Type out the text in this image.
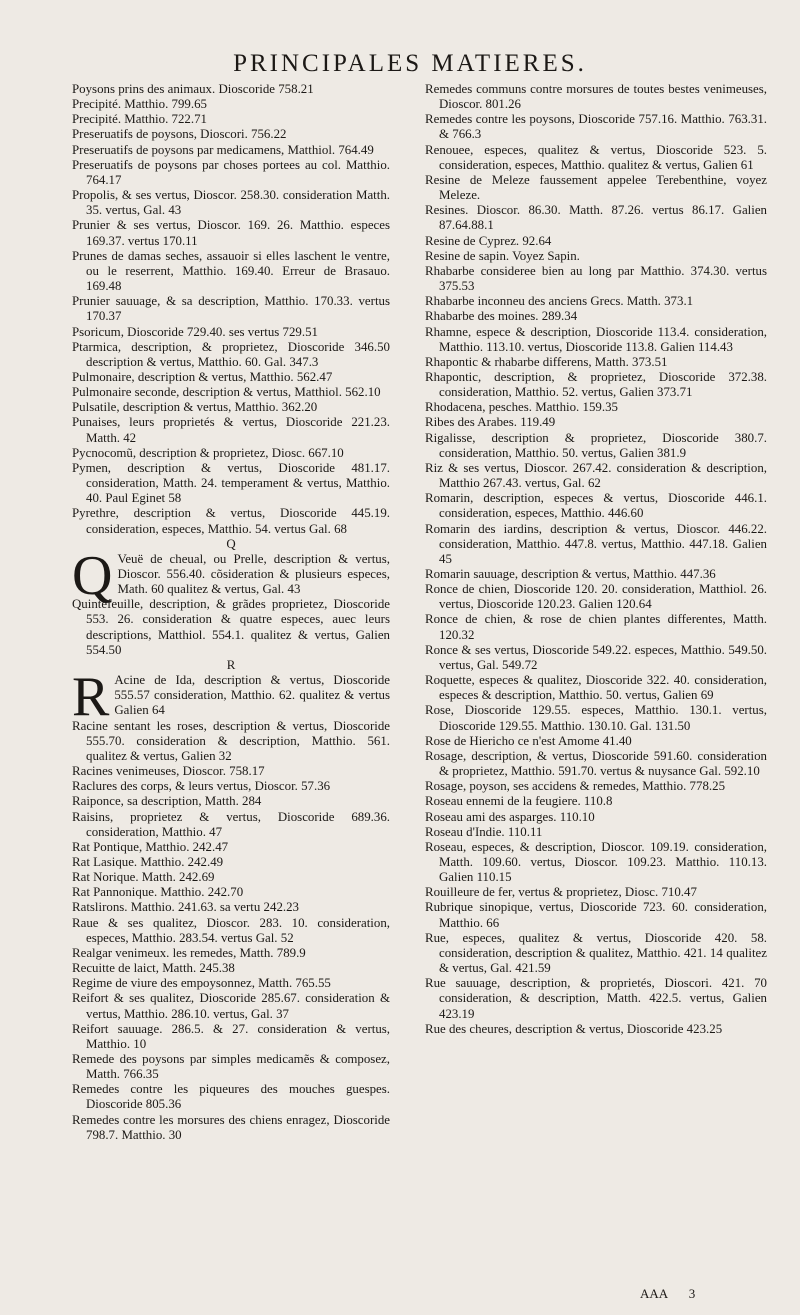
PRINCIPALES MATIERES.

Poysons prins des animaux. Dioscoride 758.21

Precipité. Matthio. 799.65

Precipité. Matthio. 722.71

Preseruatifs de poysons, Dioscori. 756.22

Preseruatifs de poysons par medicamens, Matthiol. 764.49

Preseruatifs de poysons par choses portees au col. Matthio. 764.17

Propolis, & ses vertus, Dioscor. 258.30. consideration Matth. 35. vertus, Gal. 43

Prunier & ses vertus, Dioscor. 169. 26. Matthio. especes 169.37. vertus 170.11

Prunes de damas seches, assauoir si elles laschent le ventre, ou le reserrent, Matthio. 169.40. Erreur de Brasauo. 169.48

Prunier sauuage, & sa description, Matthio. 170.33. vertus 170.37

Psoricum, Dioscoride 729.40. ses vertus 729.51

Ptarmica, description, & proprietez, Dioscoride 346.50 description & vertus, Matthio. 60. Gal. 347.3

Pulmonaire, description & vertus, Matthio. 562.47

Pulmonaire seconde, description & vertus, Matthiol. 562.10

Pulsatile, description & vertus, Matthio. 362.20

Punaises, leurs proprietés & vertus, Dioscoride 221.23. Matth. 42

Pycnocomũ, description & proprietez, Diosc. 667.10

Pymen, description & vertus, Dioscoride 481.17. consideration, Matth. 24. temperament & vertus, Matthio. 40. Paul Eginet 58

Pyrethre, description & vertus, Dioscoride 445.19. consideration, especes, Matthio. 54. vertus Gal. 68

Q

Q Veuë de cheual, ou Prelle, description & vertus, Dioscor. 556.40. cõsideration & plusieurs especes, Math. 60 qualitez & vertus, Gal. 43

Quintefeuille, description, & grãdes proprietez, Dioscoride 553. 26. consideration & quatre especes, auec leurs descriptions, Matthiol. 554.1. qualitez & vertus, Galien 554.50

R

R Acine de Ida, description & vertus, Dioscoride 555.57 consideration, Matthio. 62. qualitez & vertus Galien 64

Racine sentant les roses, description & vertus, Dioscoride 555.70. consideration & description, Matthio. 561. qualitez & vertus, Galien 32

Racines venimeuses, Dioscor. 758.17

Raclures des corps, & leurs vertus, Dioscor. 57.36

Raiponce, sa description, Matth. 284

Raisins, proprietez & vertus, Dioscoride 689.36. consideration, Matthio. 47

Rat Pontique, Matthio. 242.47

Rat Lasique. Matthio. 242.49

Rat Norique. Matth. 242.69

Rat Pannonique. Matthio. 242.70

Ratslirons. Matthio. 241.63. sa vertu 242.23

Raue & ses qualitez, Dioscor. 283. 10. consideration, especes, Matthio. 283.54. vertus Gal. 52

Realgar venimeux. les remedes, Matth. 789.9

Recuitte de laict, Matth. 245.38

Regime de viure des empoysonnez, Matth. 765.55

Reifort & ses qualitez, Dioscoride 285.67. consideration & vertus, Matthio. 286.10. vertus, Gal. 37

Reifort sauuage. 286.5. & 27. consideration & vertus, Matthio. 10

Remede des poysons par simples medicamẽs & composez, Matth. 766.35

Remedes contre les piqueures des mouches guespes. Dioscoride 805.36

Remedes contre les morsures des chiens enragez, Dioscoride 798.7. Matthio. 30

Remedes communs contre morsures de toutes bestes venimeuses, Dioscor. 801.26

Remedes contre les poysons, Dioscoride 757.16. Matthio. 763.31. & 766.3

Renouee, especes, qualitez & vertus, Dioscoride 523. 5. consideration, especes, Matthio. qualitez & vertus, Galien 61

Resine de Meleze faussement appelee Terebenthine, voyez Meleze.

Resines. Dioscor. 86.30. Matth. 87.26. vertus 86.17. Galien 87.64.88.1

Resine de Cyprez. 92.64

Resine de sapin. Voyez Sapin.

Rhabarbe consideree bien au long par Matthio. 374.30. vertus 375.53

Rhabarbe inconneu des anciens Grecs. Matth. 373.1

Rhabarbe des moines. 289.34

Rhamne, espece & description, Dioscoride 113.4. consideration, Matthio. 113.10. vertus, Dioscoride 113.8. Galien 114.43

Rhapontic & rhabarbe differens, Matth. 373.51

Rhapontic, description, & proprietez, Dioscoride 372.38. consideration, Matthio. 52. vertus, Galien 373.71

Rhodacena, pesches. Matthio. 159.35

Ribes des Arabes. 119.49

Rigalisse, description & proprietez, Dioscoride 380.7. consideration, Matthio. 50. vertus, Galien 381.9

Riz & ses vertus, Dioscor. 267.42. consideration & description, Matthio 267.43. vertus, Gal. 62

Romarin, description, especes & vertus, Dioscoride 446.1. consideration, especes, Matthio. 446.60

Romarin des iardins, description & vertus, Dioscor. 446.22. consideration, Matthio. 447.8. vertus, Matthio. 447.18. Galien 45

Romarin sauuage, description & vertus, Matthio. 447.36

Ronce de chien, Dioscoride 120. 20. consideration, Matthiol. 26. vertus, Dioscoride 120.23. Galien 120.64

Ronce de chien, & rose de chien plantes differentes, Matth. 120.32

Ronce & ses vertus, Dioscoride 549.22. especes, Matthio. 549.50. vertus, Gal. 549.72

Roquette, especes & qualitez, Dioscoride 322. 40. consideration, especes & description, Matthio. 50. vertus, Galien 69

Rose, Dioscoride 129.55. especes, Matthio. 130.1. vertus, Dioscoride 129.55. Matthio. 130.10. Gal. 131.50

Rose de Hiericho ce n'est Amome 41.40

Rosage, description, & vertus, Dioscoride 591.60. consideration & proprietez, Matthio. 591.70. vertus & nuysance Gal. 592.10

Rosage, poyson, ses accidens & remedes, Matthio. 778.25

Roseau ennemi de la feugiere. 110.8

Roseau ami des asparges. 110.10

Roseau d'Indie. 110.11

Roseau, especes, & description, Dioscor. 109.19. consideration, Matth. 109.60. vertus, Dioscor. 109.23. Matthio. 110.13. Galien 110.15

Rouilleure de fer, vertus & proprietez, Diosc. 710.47

Rubrique sinopique, vertus, Dioscoride 723. 60. consideration, Matthio. 66

Rue, especes, qualitez & vertus, Dioscoride 420. 58. consideration, description & qualitez, Matthio. 421. 14 qualitez & vertus, Gal. 421.59

Rue sauuage, description, & proprietés, Dioscori. 421. 70 consideration, & description, Matth. 422.5. vertus, Galien 423.19

Rue des cheures, description & vertus, Dioscoride 423.25

AAA 3
